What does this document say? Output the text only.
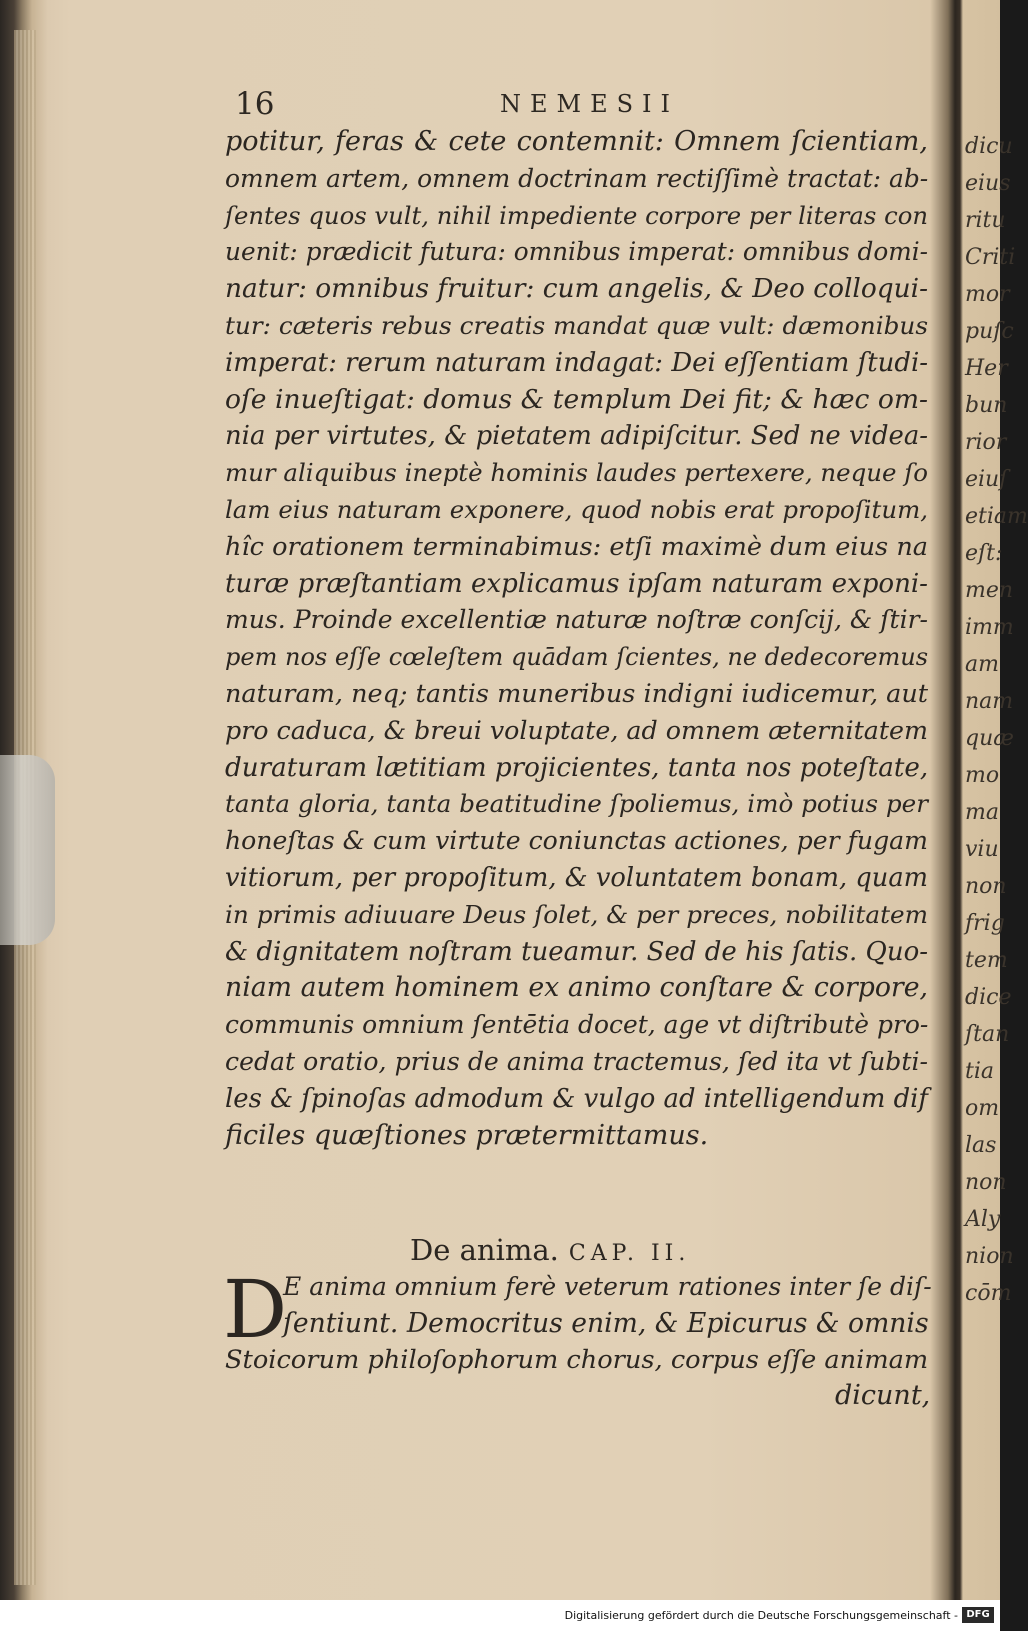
16	NEMESII
potitur, feras & cete contemnit: Omnem ſcientiam,
omnem artem, omnem doctrinam rectiſſimè tractat: ab-
ſentes quos vult, nihil impediente corpore per literas con
uenit: prædicit futura: omnibus imperat: omnibus domi-
natur: omnibus fruitur: cum angelis, & Deo colloqui-
tur: cæteris rebus creatis mandat quæ vult: dæmonibus
imperat: rerum naturam indagat: Dei eſſentiam ſtudi-
oſe inueſtigat: domus & templum Dei fit; & hæc om-
nia per virtutes, & pietatem adipiſcitur. Sed ne videa-
mur aliquibus ineptè hominis laudes pertexere, neque ſo
lam eius naturam exponere, quod nobis erat propoſitum,
hîc orationem terminabimus: etſi maximè dum eius na
turæ præſtantiam explicamus ipſam naturam exponi-
mus. Proinde excellentiæ naturæ noſtræ conſcij, & ſtir-
pem nos eſſe cœleſtem quādam ſcientes, ne dedecoremus
naturam, neq; tantis muneribus indigni iudicemur, aut
pro caduca, & breui voluptate, ad omnem æternitatem
duraturam lætitiam projicientes, tanta nos poteſtate,
tanta gloria, tanta beatitudine ſpoliemus, imò potius per
honeſtas & cum virtute coniunctas actiones, per fugam
vitiorum, per propoſitum, & voluntatem bonam, quam
in primis adiuuare Deus ſolet, & per preces, nobilitatem
& dignitatem noſtram tueamur. Sed de his ſatis. Quo-
niam autem hominem ex animo conſtare & corpore,
communis omnium ſentētia docet, age vt diſtributè pro-
cedat oratio, prius de anima tractemus, ſed ita vt ſubti-
les & ſpinoſas admodum & vulgo ad intelligendum dif
ficiles quæſtiones prætermittamus.
De anima. CAP. II.
D
E anima omnium ferè veterum rationes inter ſe diſ-
ſentiunt. Democritus enim, & Epicurus & omnis
Stoicorum philoſophorum chorus, corpus eſſe animam
dicunt,
dicu
eius
ritu
Criti
mor
puſc
Her
bun
rior
eiuſ
etiam
eſt:
men
imm
am
nam
quæ
mo
ma
viu
non
frig
tem
dice
ſtan
tia
om
las
non
Aly
nion
cōm
Digitalisierung gefördert durch die Deutsche Forschungsgemeinschaft - DFG
